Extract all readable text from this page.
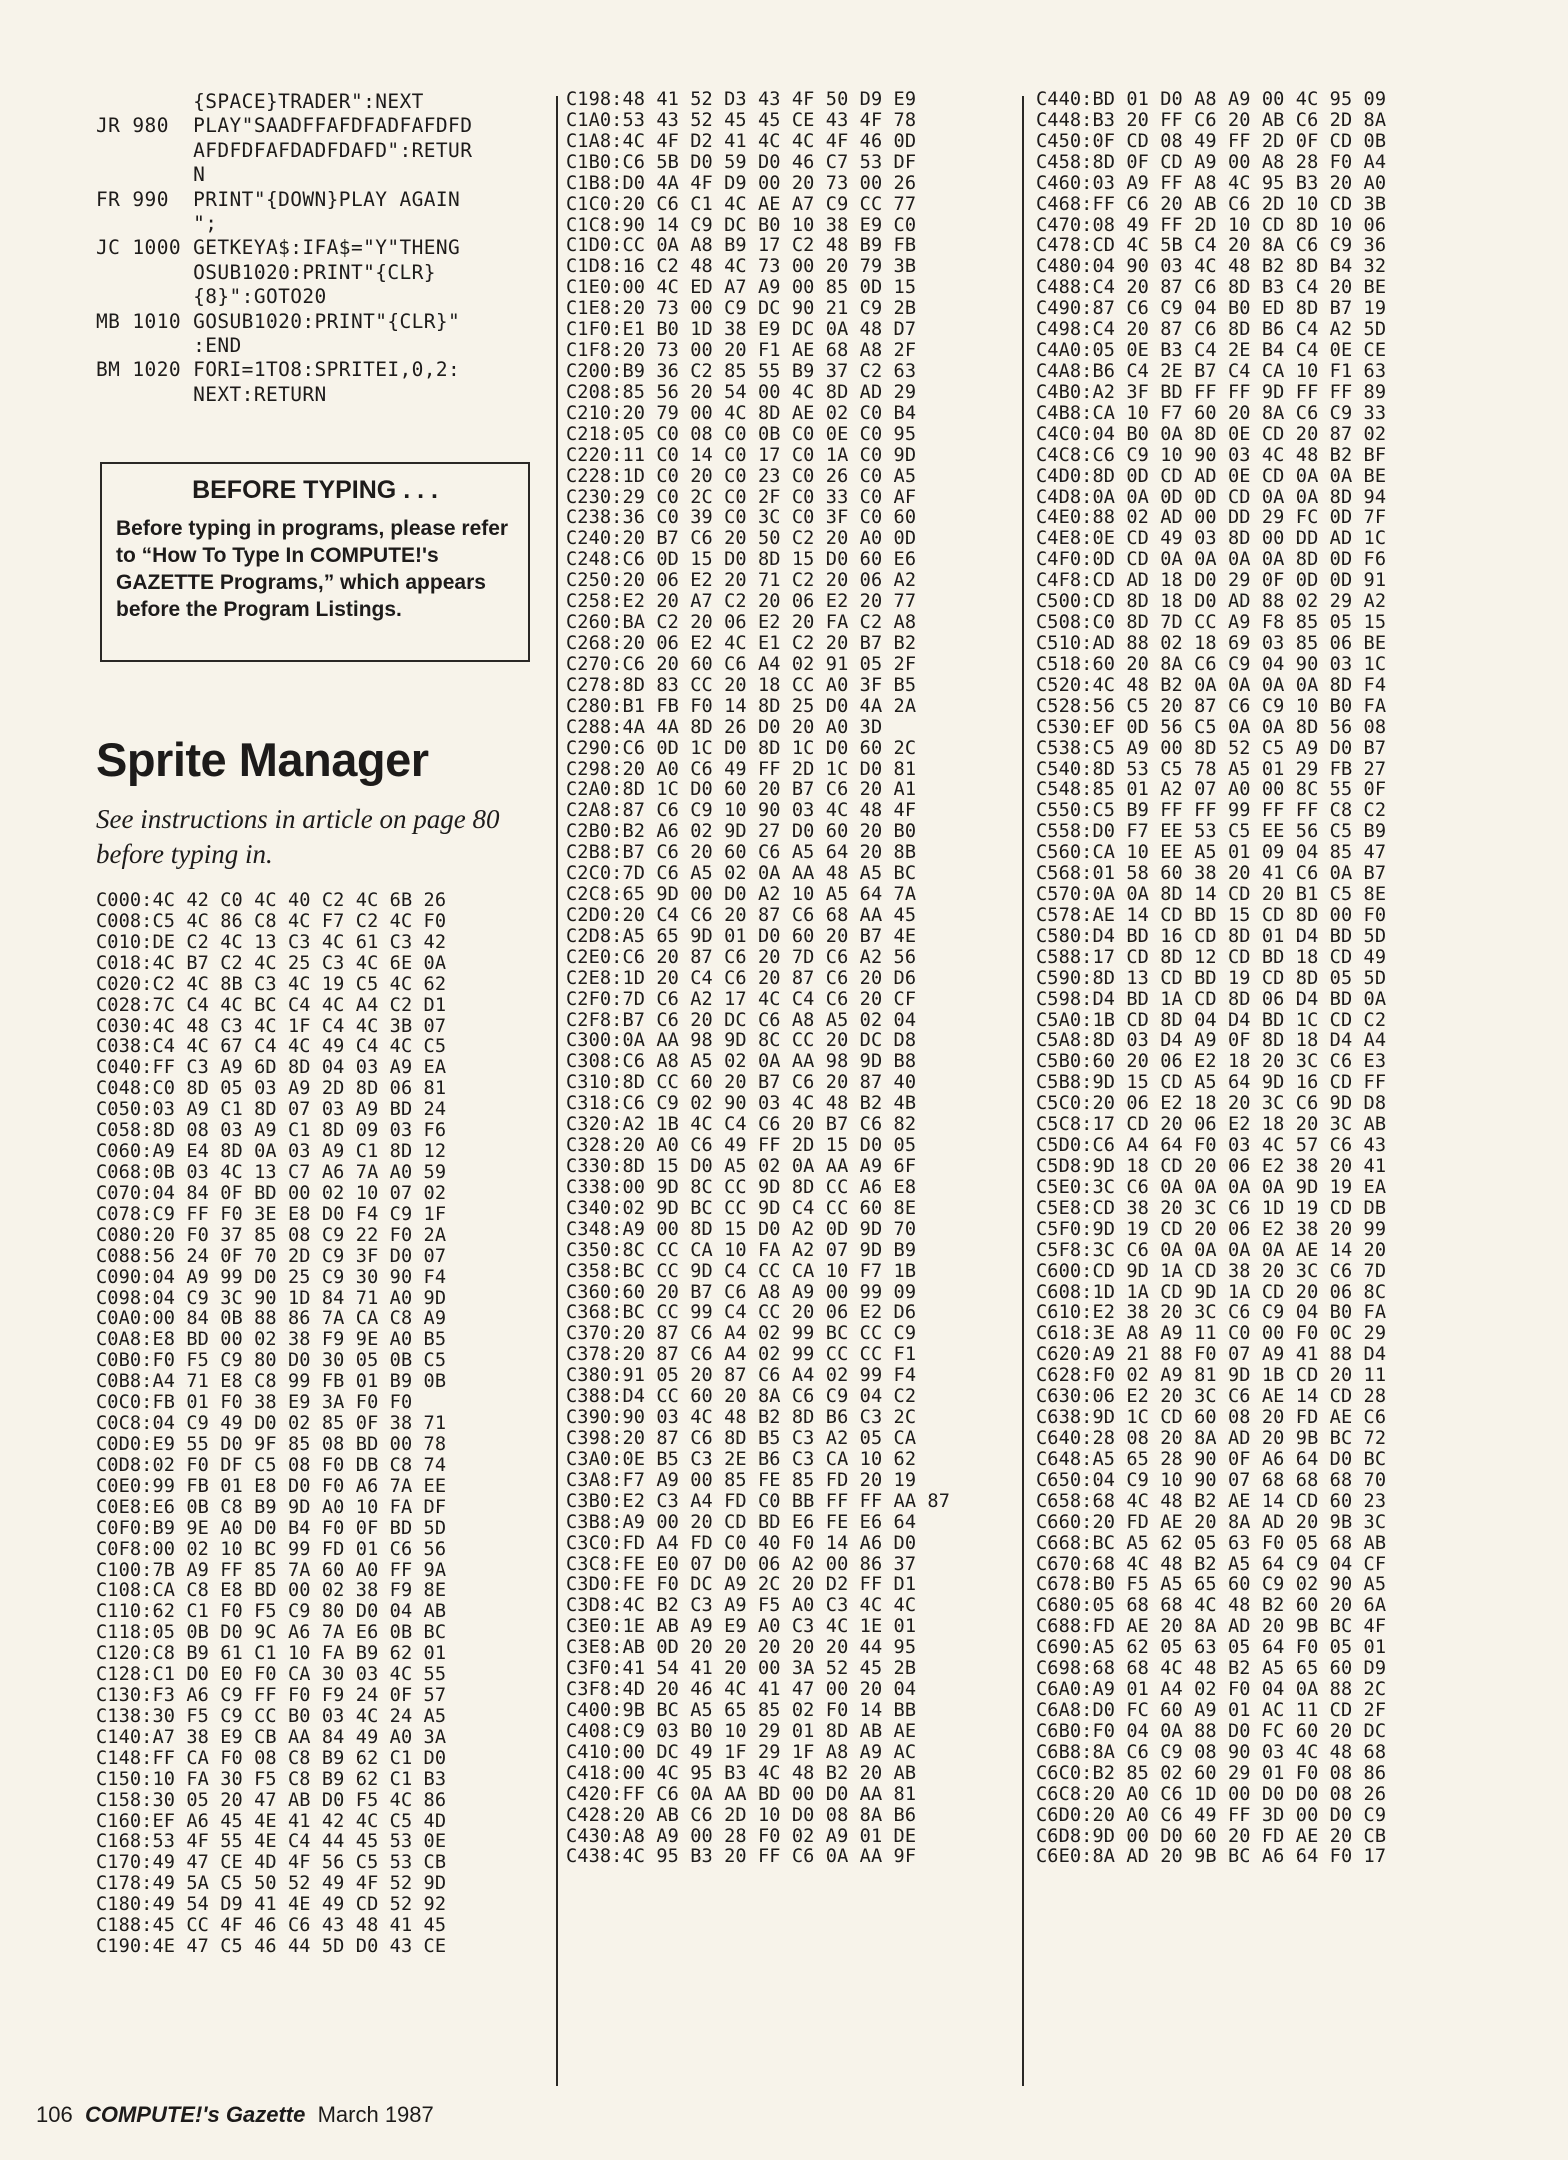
{SPACE}TRADER":NEXT
JR 980  PLAY"SAADFFAFDFADFAFDFD
AFDFDFAFDADFDAFD":RETUR
N
FR 990  PRINT"{DOWN}PLAY AGAIN
";
JC 1000 GETKEYA$:IFA$="Y"THENG
OSUB1020:PRINT"{CLR}
{8}":GOTO20
MB 1010 GOSUB1020:PRINT"{CLR}"
:END
BM 1020 FORI=1TO8:SPRITEI,0,2:
NEXT:RETURN
BEFORE TYPING . . .

Before typing in programs, please refer to “How To Type In COMPUTE!'s GAZETTE Programs,” which appears before the Program Listings.

Sprite Manager

See instructions in article on page 80 before typing in.

C000:4C 42 C0 4C 40 C2 4C 6B 26
C008:C5 4C 86 C8 4C F7 C2 4C F0
C010:DE C2 4C 13 C3 4C 61 C3 42
C018:4C B7 C2 4C 25 C3 4C 6E 0A
C020:C2 4C 8B C3 4C 19 C5 4C 62
C028:7C C4 4C BC C4 4C A4 C2 D1
C030:4C 48 C3 4C 1F C4 4C 3B 07
C038:C4 4C 67 C4 4C 49 C4 4C C5
C040:FF C3 A9 6D 8D 04 03 A9 EA
C048:C0 8D 05 03 A9 2D 8D 06 81
C050:03 A9 C1 8D 07 03 A9 BD 24
C058:8D 08 03 A9 C1 8D 09 03 F6
C060:A9 E4 8D 0A 03 A9 C1 8D 12
C068:0B 03 4C 13 C7 A6 7A A0 59
C070:04 84 0F BD 00 02 10 07 02
C078:C9 FF F0 3E E8 D0 F4 C9 1F
C080:20 F0 37 85 08 C9 22 F0 2A
C088:56 24 0F 70 2D C9 3F D0 07
C090:04 A9 99 D0 25 C9 30 90 F4
C098:04 C9 3C 90 1D 84 71 A0 9D
C0A0:00 84 0B 88 86 7A CA C8 A9
C0A8:E8 BD 00 02 38 F9 9E A0 B5
C0B0:F0 F5 C9 80 D0 30 05 0B C5
C0B8:A4 71 E8 C8 99 FB 01 B9 0B
C0C0:FB 01 F0 38 E9 3A F0 F0
C0C8:04 C9 49 D0 02 85 0F 38 71
C0D0:E9 55 D0 9F 85 08 BD 00 78
C0D8:02 F0 DF C5 08 F0 DB C8 74
C0E0:99 FB 01 E8 D0 F0 A6 7A EE
C0E8:E6 0B C8 B9 9D A0 10 FA DF
C0F0:B9 9E A0 D0 B4 F0 0F BD 5D
C0F8:00 02 10 BC 99 FD 01 C6 56
C100:7B A9 FF 85 7A 60 A0 FF 9A
C108:CA C8 E8 BD 00 02 38 F9 8E
C110:62 C1 F0 F5 C9 80 D0 04 AB
C118:05 0B D0 9C A6 7A E6 0B BC
C120:C8 B9 61 C1 10 FA B9 62 01
C128:C1 D0 E0 F0 CA 30 03 4C 55
C130:F3 A6 C9 FF F0 F9 24 0F 57
C138:30 F5 C9 CC B0 03 4C 24 A5
C140:A7 38 E9 CB AA 84 49 A0 3A
C148:FF CA F0 08 C8 B9 62 C1 D0
C150:10 FA 30 F5 C8 B9 62 C1 B3
C158:30 05 20 47 AB D0 F5 4C 86
C160:EF A6 45 4E 41 42 4C C5 4D
C168:53 4F 55 4E C4 44 45 53 0E
C170:49 47 CE 4D 4F 56 C5 53 CB
C178:49 5A C5 50 52 49 4F 52 9D
C180:49 54 D9 41 4E 49 CD 52 92
C188:45 CC 4F 46 C6 43 48 41 45
C190:4E 47 C5 46 44 5D D0 43 CE
C198:48 41 52 D3 43 4F 50 D9 E9
C1A0:53 43 52 45 45 CE 43 4F 78
C1A8:4C 4F D2 41 4C 4C 4F 46 0D
C1B0:C6 5B D0 59 D0 46 C7 53 DF
C1B8:D0 4A 4F D9 00 20 73 00 26
C1C0:20 C6 C1 4C AE A7 C9 CC 77
C1C8:90 14 C9 DC B0 10 38 E9 C0
C1D0:CC 0A A8 B9 17 C2 48 B9 FB
C1D8:16 C2 48 4C 73 00 20 79 3B
C1E0:00 4C ED A7 A9 00 85 0D 15
C1E8:20 73 00 C9 DC 90 21 C9 2B
C1F0:E1 B0 1D 38 E9 DC 0A 48 D7
C1F8:20 73 00 20 F1 AE 68 A8 2F
C200:B9 36 C2 85 55 B9 37 C2 63
C208:85 56 20 54 00 4C 8D AD 29
C210:20 79 00 4C 8D AE 02 C0 B4
C218:05 C0 08 C0 0B C0 0E C0 95
C220:11 C0 14 C0 17 C0 1A C0 9D
C228:1D C0 20 C0 23 C0 26 C0 A5
C230:29 C0 2C C0 2F C0 33 C0 AF
C238:36 C0 39 C0 3C C0 3F C0 60
C240:20 B7 C6 20 50 C2 20 A0 0D
C248:C6 0D 15 D0 8D 15 D0 60 E6
C250:20 06 E2 20 71 C2 20 06 A2
C258:E2 20 A7 C2 20 06 E2 20 77
C260:BA C2 20 06 E2 20 FA C2 A8
C268:20 06 E2 4C E1 C2 20 B7 B2
C270:C6 20 60 C6 A4 02 91 05 2F
C278:8D 83 CC 20 18 CC A0 3F B5
C280:B1 FB F0 14 8D 25 D0 4A 2A
C288:4A 4A 8D 26 D0 20 A0 3D
C290:C6 0D 1C D0 8D 1C D0 60 2C
C298:20 A0 C6 49 FF 2D 1C D0 81
C2A0:8D 1C D0 60 20 B7 C6 20 A1
C2A8:87 C6 C9 10 90 03 4C 48 4F
C2B0:B2 A6 02 9D 27 D0 60 20 B0
C2B8:B7 C6 20 60 C6 A5 64 20 8B
C2C0:7D C6 A5 02 0A AA 48 A5 BC
C2C8:65 9D 00 D0 A2 10 A5 64 7A
C2D0:20 C4 C6 20 87 C6 68 AA 45
C2D8:A5 65 9D 01 D0 60 20 B7 4E
C2E0:C6 20 87 C6 20 7D C6 A2 56
C2E8:1D 20 C4 C6 20 87 C6 20 D6
C2F0:7D C6 A2 17 4C C4 C6 20 CF
C2F8:B7 C6 20 DC C6 A8 A5 02 04
C300:0A AA 98 9D 8C CC 20 DC D8
C308:C6 A8 A5 02 0A AA 98 9D B8
C310:8D CC 60 20 B7 C6 20 87 40
C318:C6 C9 02 90 03 4C 48 B2 4B
C320:A2 1B 4C C4 C6 20 B7 C6 82
C328:20 A0 C6 49 FF 2D 15 D0 05
C330:8D 15 D0 A5 02 0A AA A9 6F
C338:00 9D 8C CC 9D 8D CC A6 E8
C340:02 9D BC CC 9D C4 CC 60 8E
C348:A9 00 8D 15 D0 A2 0D 9D 70
C350:8C CC CA 10 FA A2 07 9D B9
C358:BC CC 9D C4 CC CA 10 F7 1B
C360:60 20 B7 C6 A8 A9 00 99 09
C368:BC CC 99 C4 CC 20 06 E2 D6
C370:20 87 C6 A4 02 99 BC CC C9
C378:20 87 C6 A4 02 99 CC CC F1
C380:91 05 20 87 C6 A4 02 99 F4
C388:D4 CC 60 20 8A C6 C9 04 C2
C390:90 03 4C 48 B2 8D B6 C3 2C
C398:20 87 C6 8D B5 C3 A2 05 CA
C3A0:0E B5 C3 2E B6 C3 CA 10 62
C3A8:F7 A9 00 85 FE 85 FD 20 19
C3B0:E2 C3 A4 FD C0 BB FF FF AA 87
C3B8:A9 00 20 CD BD E6 FE E6 64
C3C0:FD A4 FD C0 40 F0 14 A6 D0
C3C8:FE E0 07 D0 06 A2 00 86 37
C3D0:FE F0 DC A9 2C 20 D2 FF D1
C3D8:4C B2 C3 A9 F5 A0 C3 4C 4C
C3E0:1E AB A9 E9 A0 C3 4C 1E 01
C3E8:AB 0D 20 20 20 20 20 44 95
C3F0:41 54 41 20 00 3A 52 45 2B
C3F8:4D 20 46 4C 41 47 00 20 04
C400:9B BC A5 65 85 02 F0 14 BB
C408:C9 03 B0 10 29 01 8D AB AE
C410:00 DC 49 1F 29 1F A8 A9 AC
C418:00 4C 95 B3 4C 48 B2 20 AB
C420:FF C6 0A AA BD 00 D0 AA 81
C428:20 AB C6 2D 10 D0 08 8A B6
C430:A8 A9 00 28 F0 02 A9 01 DE
C438:4C 95 B3 20 FF C6 0A AA 9F
C440:BD 01 D0 A8 A9 00 4C 95 09
C448:B3 20 FF C6 20 AB C6 2D 8A
C450:0F CD 08 49 FF 2D 0F CD 0B
C458:8D 0F CD A9 00 A8 28 F0 A4
C460:03 A9 FF A8 4C 95 B3 20 A0
C468:FF C6 20 AB C6 2D 10 CD 3B
C470:08 49 FF 2D 10 CD 8D 10 06
C478:CD 4C 5B C4 20 8A C6 C9 36
C480:04 90 03 4C 48 B2 8D B4 32
C488:C4 20 87 C6 8D B3 C4 20 BE
C490:87 C6 C9 04 B0 ED 8D B7 19
C498:C4 20 87 C6 8D B6 C4 A2 5D
C4A0:05 0E B3 C4 2E B4 C4 0E CE
C4A8:B6 C4 2E B7 C4 CA 10 F1 63
C4B0:A2 3F BD FF FF 9D FF FF 89
C4B8:CA 10 F7 60 20 8A C6 C9 33
C4C0:04 B0 0A 8D 0E CD 20 87 02
C4C8:C6 C9 10 90 03 4C 48 B2 BF
C4D0:8D 0D CD AD 0E CD 0A 0A BE
C4D8:0A 0A 0D 0D CD 0A 0A 8D 94
C4E0:88 02 AD 00 DD 29 FC 0D 7F
C4E8:0E CD 49 03 8D 00 DD AD 1C
C4F0:0D CD 0A 0A 0A 0A 8D 0D F6
C4F8:CD AD 18 D0 29 0F 0D 0D 91
C500:CD 8D 18 D0 AD 88 02 29 A2
C508:C0 8D 7D CC A9 F8 85 05 15
C510:AD 88 02 18 69 03 85 06 BE
C518:60 20 8A C6 C9 04 90 03 1C
C520:4C 48 B2 0A 0A 0A 0A 8D F4
C528:56 C5 20 87 C6 C9 10 B0 FA
C530:EF 0D 56 C5 0A 0A 8D 56 08
C538:C5 A9 00 8D 52 C5 A9 D0 B7
C540:8D 53 C5 78 A5 01 29 FB 27
C548:85 01 A2 07 A0 00 8C 55 0F
C550:C5 B9 FF FF 99 FF FF C8 C2
C558:D0 F7 EE 53 C5 EE 56 C5 B9
C560:CA 10 EE A5 01 09 04 85 47
C568:01 58 60 38 20 41 C6 0A B7
C570:0A 0A 8D 14 CD 20 B1 C5 8E
C578:AE 14 CD BD 15 CD 8D 00 F0
C580:D4 BD 16 CD 8D 01 D4 BD 5D
C588:17 CD 8D 12 CD BD 18 CD 49
C590:8D 13 CD BD 19 CD 8D 05 5D
C598:D4 BD 1A CD 8D 06 D4 BD 0A
C5A0:1B CD 8D 04 D4 BD 1C CD C2
C5A8:8D 03 D4 A9 0F 8D 18 D4 A4
C5B0:60 20 06 E2 18 20 3C C6 E3
C5B8:9D 15 CD A5 64 9D 16 CD FF
C5C0:20 06 E2 18 20 3C C6 9D D8
C5C8:17 CD 20 06 E2 18 20 3C AB
C5D0:C6 A4 64 F0 03 4C 57 C6 43
C5D8:9D 18 CD 20 06 E2 38 20 41
C5E0:3C C6 0A 0A 0A 0A 9D 19 EA
C5E8:CD 38 20 3C C6 1D 19 CD DB
C5F0:9D 19 CD 20 06 E2 38 20 99
C5F8:3C C6 0A 0A 0A 0A AE 14 20
C600:CD 9D 1A CD 38 20 3C C6 7D
C608:1D 1A CD 9D 1A CD 20 06 8C
C610:E2 38 20 3C C6 C9 04 B0 FA
C618:3E A8 A9 11 C0 00 F0 0C 29
C620:A9 21 88 F0 07 A9 41 88 D4
C628:F0 02 A9 81 9D 1B CD 20 11
C630:06 E2 20 3C C6 AE 14 CD 28
C638:9D 1C CD 60 08 20 FD AE C6
C640:28 08 20 8A AD 20 9B BC 72
C648:A5 65 28 90 0F A6 64 D0 BC
C650:04 C9 10 90 07 68 68 68 70
C658:68 4C 48 B2 AE 14 CD 60 23
C660:20 FD AE 20 8A AD 20 9B 3C
C668:BC A5 62 05 63 F0 05 68 AB
C670:68 4C 48 B2 A5 64 C9 04 CF
C678:B0 F5 A5 65 60 C9 02 90 A5
C680:05 68 68 4C 48 B2 60 20 6A
C688:FD AE 20 8A AD 20 9B BC 4F
C690:A5 62 05 63 05 64 F0 05 01
C698:68 68 4C 48 B2 A5 65 60 D9
C6A0:A9 01 A4 02 F0 04 0A 88 2C
C6A8:D0 FC 60 A9 01 AC 11 CD 2F
C6B0:F0 04 0A 88 D0 FC 60 20 DC
C6B8:8A C6 C9 08 90 03 4C 48 68
C6C0:B2 85 02 60 29 01 F0 08 86
C6C8:20 A0 C6 1D 00 D0 D0 08 26
C6D0:20 A0 C6 49 FF 3D 00 D0 C9
C6D8:9D 00 D0 60 20 FD AE 20 CB
C6E0:8A AD 20 9B BC A6 64 F0 17
106 COMPUTE!'s Gazette March 1987
